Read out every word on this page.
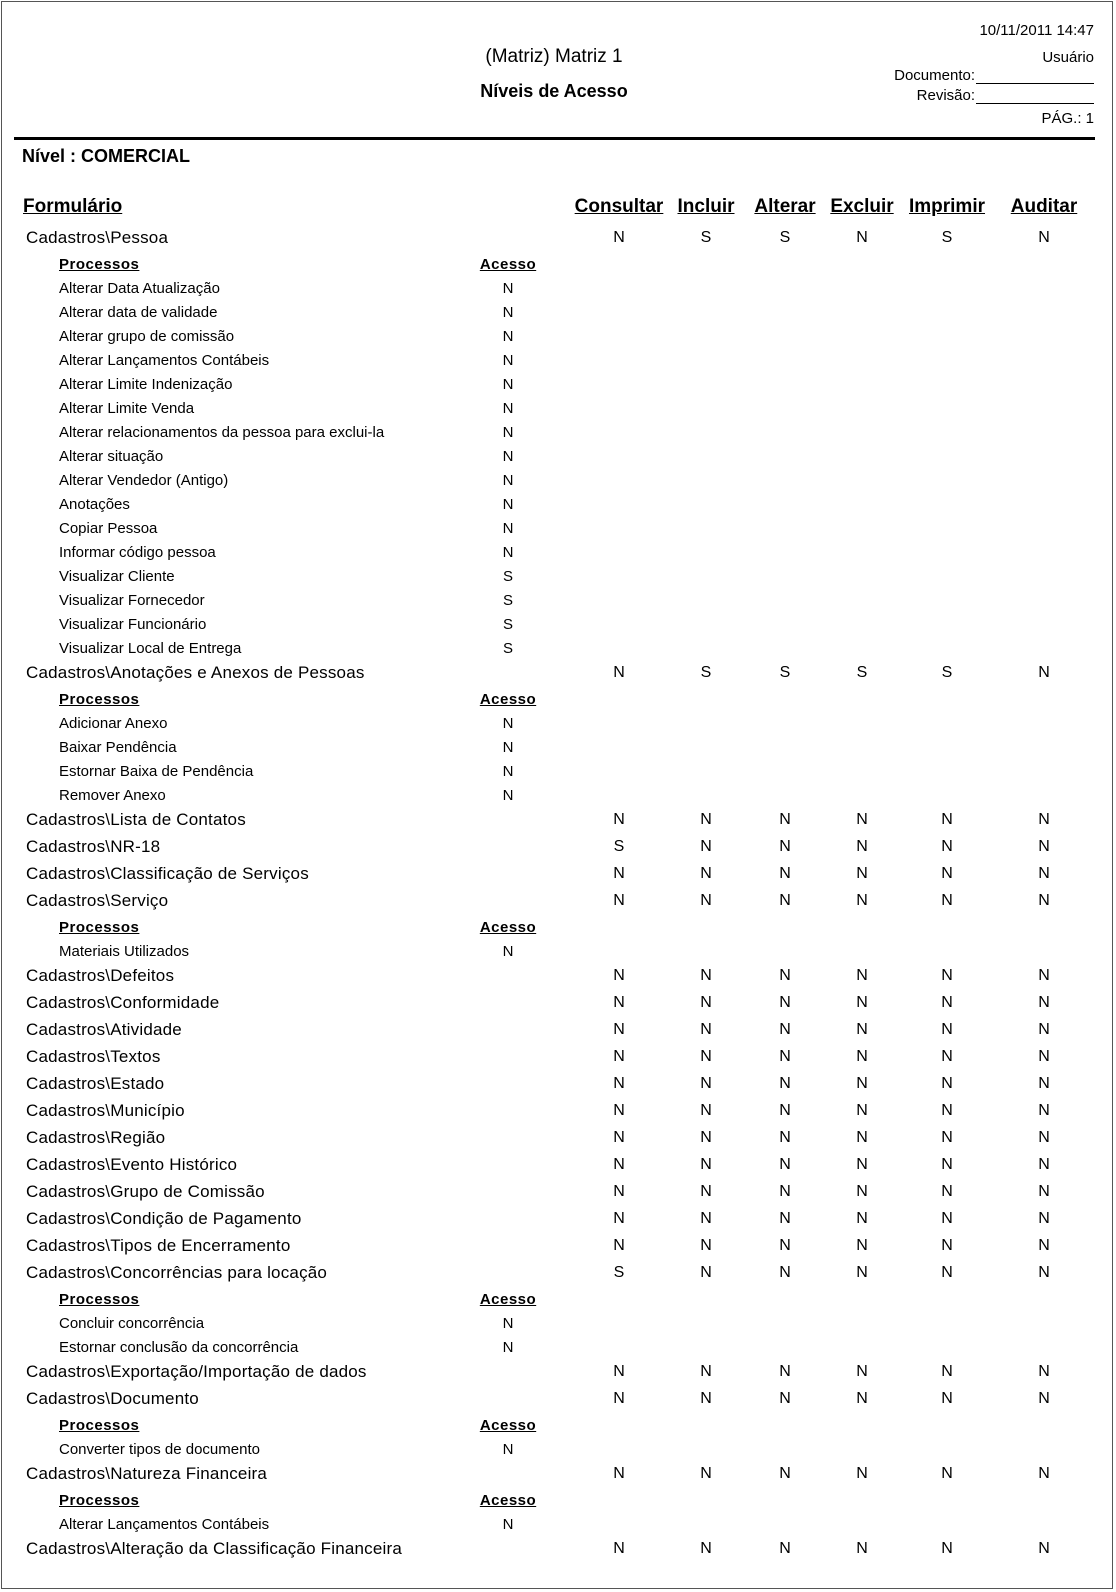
(Matriz) Matriz 1
Níveis de Acesso
10/11/2011 14:47
Usuário
Documento:
Revisão:
PÁG.: 1
Nível : COMERCIAL
Formulário	Consultar Incluir Alterar Excluir Imprimir Auditar
Cadastros\Pessoa	N	S	S	N	S	N
Processos	Acesso
Alterar Data Atualização	N
Alterar data de validade	N
Alterar grupo de comissão	N
Alterar Lançamentos Contábeis	N
Alterar Limite Indenização	N
Alterar Limite Venda	N
Alterar relacionamentos da pessoa para exclui-la	N
Alterar situação	N
Alterar Vendedor (Antigo)	N
Anotações	N
Copiar Pessoa	N
Informar código pessoa	N
Visualizar Cliente	S
Visualizar Fornecedor	S
Visualizar Funcionário	S
Visualizar Local de Entrega	S
Cadastros\Anotações e Anexos de Pessoas	N	S	S	S	S	N
Processos	Acesso
Adicionar Anexo	N
Baixar Pendência	N
Estornar Baixa de Pendência	N
Remover Anexo	N
Cadastros\Lista de Contatos	N	N	N	N	N	N
Cadastros\NR-18	S	N	N	N	N	N
Cadastros\Classificação de Serviços	N	N	N	N	N	N
Cadastros\Serviço	N	N	N	N	N	N
Processos	Acesso
Materiais Utilizados	N
Cadastros\Defeitos	N	N	N	N	N	N
Cadastros\Conformidade	N	N	N	N	N	N
Cadastros\Atividade	N	N	N	N	N	N
Cadastros\Textos	N	N	N	N	N	N
Cadastros\Estado	N	N	N	N	N	N
Cadastros\Município	N	N	N	N	N	N
Cadastros\Região	N	N	N	N	N	N
Cadastros\Evento Histórico	N	N	N	N	N	N
Cadastros\Grupo de Comissão	N	N	N	N	N	N
Cadastros\Condição de Pagamento	N	N	N	N	N	N
Cadastros\Tipos de Encerramento	N	N	N	N	N	N
Cadastros\Concorrências para locação	S	N	N	N	N	N
Processos	Acesso
Concluir concorrência	N
Estornar conclusão da concorrência	N
Cadastros\Exportação/Importação de dados	N	N	N	N	N	N
Cadastros\Documento	N	N	N	N	N	N
Processos	Acesso
Converter tipos de documento	N
Cadastros\Natureza Financeira	N	N	N	N	N	N
Processos	Acesso
Alterar Lançamentos Contábeis	N
Cadastros\Alteração da Classificação Financeira	N	N	N	N	N	N
